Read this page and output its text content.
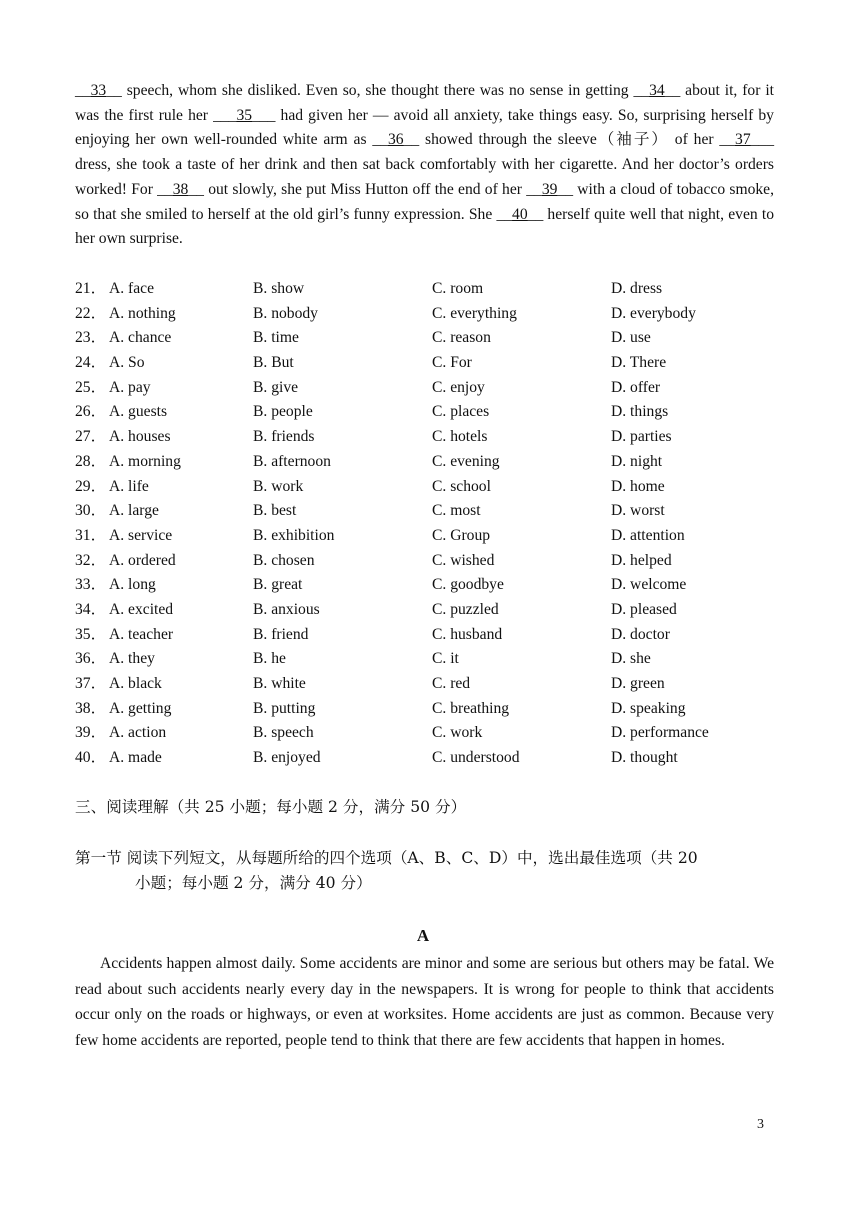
__33__ speech, whom she disliked. Even so, she thought there was no sense in getting __34__ about it, for it was the first rule her ___35___ had given her — avoid all anxiety, take things easy. So, surprising herself by enjoying her own well-rounded white arm as __36__ showed through the sleeve（袖子） of her __37___ dress, she took a taste of her drink and then sat back comfortably with her cigarette. And her doctor’s orders worked! For __38__ out slowly, she put Miss Hutton off the end of her __39__ with a cloud of tobacco smoke, so that she smiled to herself at the old girl’s funny expression. She __40__ herself quite well that night, even to her own surprise.

21． A. face	B. show	C. room	D. dress
22． A. nothing	B. nobody	C. everything	D. everybody
23． A. chance	B. time	C. reason	D. use
24． A. So	B. But	C. For	D. There
25． A. pay	B. give	C. enjoy	D. offer
26． A. guests	B. people	C. places	D. things
27． A. houses	B. friends	C. hotels	D. parties
28． A. morning	B. afternoon	C. evening	D. night
29． A. life	B. work	C. school	D. home
30． A. large	B. best	C. most	D. worst
31． A. service	B. exhibition	C. Group	D. attention
32． A. ordered	B. chosen	C. wished	D. helped
33． A. long	B. great	C. goodbye	D. welcome
34． A. excited	B. anxious	C. puzzled	D. pleased
35． A. teacher	B. friend	C. husband	D. doctor
36． A. they	B. he	C. it	D. she
37． A. black	B. white	C. red	D. green
38． A. getting	B. putting	C. breathing	D. speaking
39． A. action	B. speech	C. work	D. performance
40． A. made	B. enjoyed	C. understood	D. thought
三、阅读理解（共 25 小题；每小题 2 分，满分 50 分）
第一节 阅读下列短文，从每题所给的四个选项（A、B、C、D）中，选出最佳选项（共 20
小题；每小题 2 分，满分 40 分）
A

Accidents happen almost daily. Some accidents are minor and some are serious but others may be fatal. We read about such accidents nearly every day in the newspapers. It is wrong for people to think that accidents occur only on the roads or highways, or even at worksites. Home accidents are just as common. Because very few home accidents are reported, people tend to think that there are few accidents that happen in homes.

3
